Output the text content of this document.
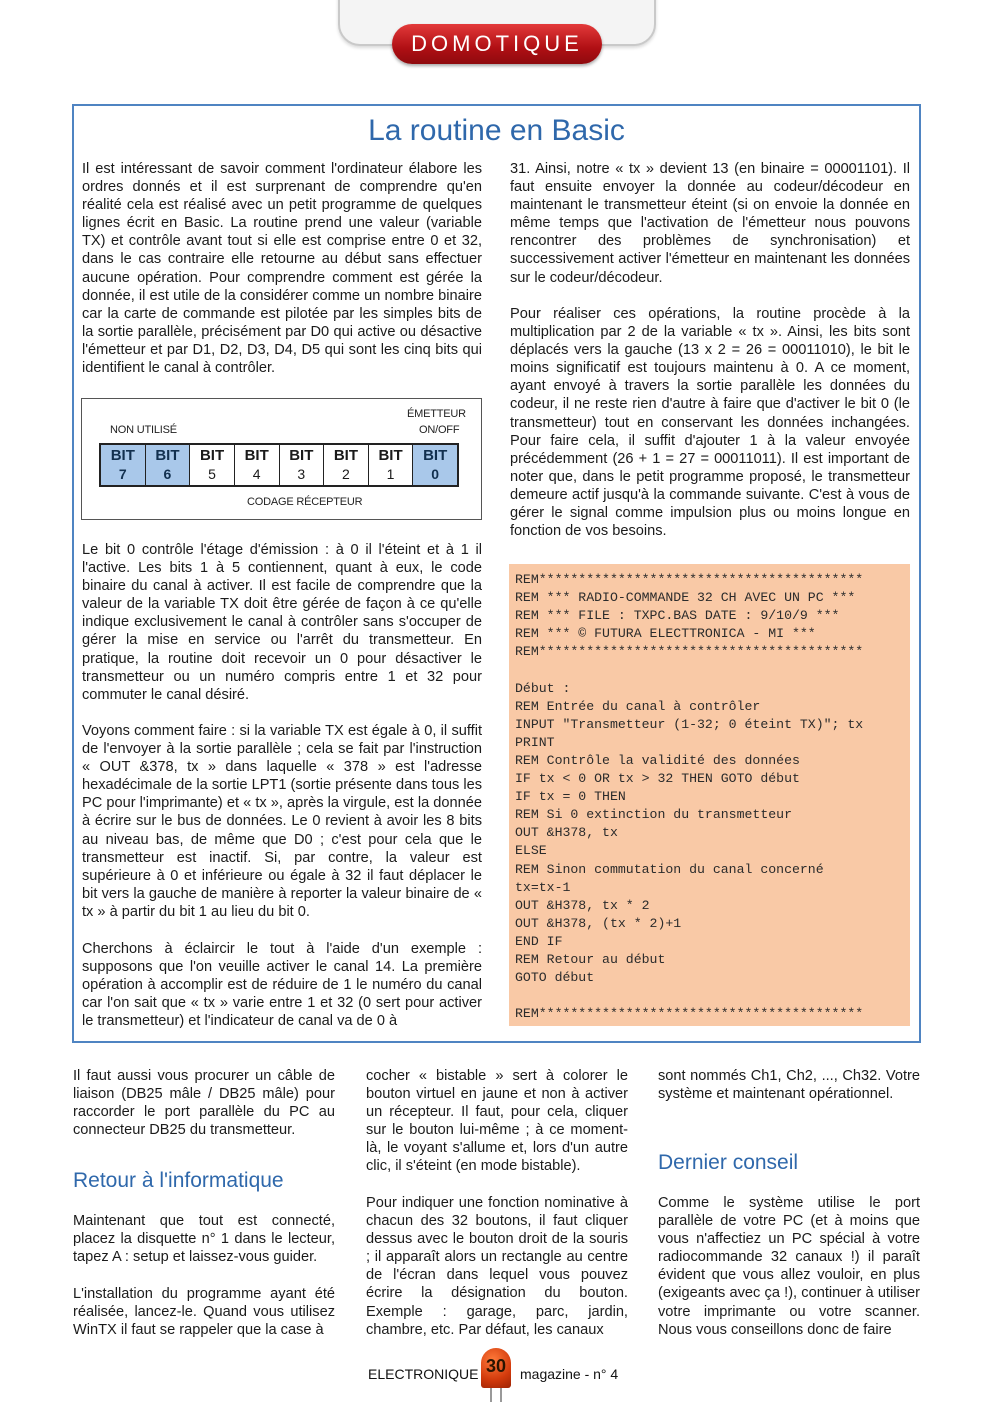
DOMOTIQUE
La routine en Basic
Il est intéressant de savoir comment l'ordinateur élabore les ordres donnés et il est surprenant de comprendre qu'en réalité cela est réalisé avec un petit programme de quelques lignes écrit en Basic. La routine prend une valeur (variable TX) et contrôle avant tout si elle est comprise entre 0 et 32, dans le cas contraire elle retourne au début sans effectuer aucune opération. Pour comprendre comment est gérée la donnée, il est utile de la considérer comme un nombre binaire car la carte de commande est pilotée par les simples bits de la sortie parallèle, précisément par D0 qui active ou désactive l'émetteur et par D1, D2, D3, D4, D5 qui sont les cinq bits qui identifient le canal à contrôler.
NON UTILISÉ
ÉMETTEUR
ON/OFF
BIT
7
BIT
6
BIT
5
BIT
4
BIT
3
BIT
2
BIT
1
BIT
0
CODAGE RÉCEPTEUR
Le bit 0 contrôle l'étage d'émission : à 0 il l'éteint et à 1 il l'active. Les bits 1 à 5 contiennent, quant à eux, le code binaire du canal à activer. Il est facile de comprendre que la valeur de la variable TX doit être gérée de façon à ce qu'elle indique exclusivement le canal à contrôler sans s'occuper de gérer la mise en service ou l'arrêt du transmetteur. En pratique, la routine doit recevoir un 0 pour désactiver le transmetteur ou un numéro compris entre 1 et 32 pour commuter le canal désiré.
Voyons comment faire : si la variable TX est égale à 0, il suffit de l'envoyer à la sortie parallèle ; cela se fait par l'instruction « OUT &378, tx » dans laquelle « 378 » est l'adresse hexadécimale de la sortie LPT1 (sortie présente dans tous les PC pour l'imprimante) et « tx », après la virgule, est la donnée à écrire sur le bus de données. Le 0 revient à avoir les 8 bits au niveau bas, de même que D0 ; c'est pour cela que le transmetteur est inactif. Si, par contre, la valeur est supérieure à 0 et inférieure ou égale à 32 il faut déplacer le bit vers la gauche de manière à reporter la valeur binaire de « tx » à partir du bit 1 au lieu du bit 0.
Cherchons à éclaircir le tout à l'aide d'un exemple : supposons que l'on veuille activer le canal 14. La première opération à accomplir est de réduire de 1 le numéro du canal car l'on sait que « tx » varie entre 1 et 32 (0 sert pour activer le transmetteur) et l'indicateur de canal va de 0 à
31. Ainsi, notre « tx » devient 13 (en binaire = 00001101). Il faut ensuite envoyer la donnée au codeur/décodeur en maintenant le transmetteur éteint (si on envoie la donnée en même temps que l'activation de l'émetteur nous pouvons rencontrer des problèmes de synchronisation) et successivement activer l'émetteur en maintenant les données sur le codeur/décodeur.
Pour réaliser ces opérations, la routine procède à la multiplication par 2 de la variable « tx ». Ainsi, les bits sont déplacés vers la gauche (13 x 2 = 26 = 00011010), le bit le moins significatif est toujours maintenu à 0. A ce moment, ayant envoyé à travers la sortie parallèle les données du codeur, il ne reste rien d'autre à faire que d'activer le bit 0 (le transmetteur) tout en conservant les données inchangées. Pour faire cela, il suffit d'ajouter 1 à la valeur envoyée précédemment (26 + 1 = 27 = 00011011). Il est important de noter que, dans le petit programme proposé, le transmetteur demeure actif jusqu'à la commande suivante. C'est à vous de gérer le signal comme impulsion plus ou moins longue en fonction de vos besoins.
REM*****************************************
REM *** RADIO-COMMANDE 32 CH AVEC UN PC ***
REM *** FILE : TXPC.BAS DATE : 9/10/9 ***
REM *** © FUTURA ELECTTRONICA - MI ***
REM*****************************************
Début :
REM Entrée du canal à contrôler
INPUT "Transmetteur (1-32; 0 éteint TX)"; tx
PRINT
REM Contrôle la validité des données
IF tx < 0 OR tx > 32 THEN GOTO début
IF tx = 0 THEN
REM Si 0 extinction du transmetteur
OUT &H378, tx
ELSE
REM Sinon commutation du canal concerné
tx=tx-1
OUT &H378, tx * 2
OUT &H378, (tx * 2)+1
END IF
REM Retour au début
GOTO début
REM*****************************************
Il faut aussi vous procurer un câble de liaison (DB25 mâle / DB25 mâle) pour raccorder le port parallèle du PC au connecteur DB25 du transmetteur.
Retour à l'informatique
Maintenant que tout est connecté, placez la disquette n° 1 dans le lecteur, tapez A : setup et laissez-vous guider.
L'installation du programme ayant été réalisée, lancez-le. Quand vous utilisez WinTX il faut se rappeler que la case à
cocher « bistable » sert à colorer le bouton virtuel en jaune et non à activer un récepteur. Il faut, pour cela, cliquer sur le bouton lui-même ; à ce moment-là, le voyant s'allume et, lors d'un autre clic, il s'éteint (en mode bistable).
Pour indiquer une fonction nominative à chacun des 32 boutons, il faut cliquer dessus avec le bouton droit de la souris ; il apparaît alors un rectangle au centre de l'écran dans lequel vous pouvez écrire la désignation du bouton. Exemple : garage, parc, jardin, chambre, etc. Par défaut, les canaux
sont nommés Ch1, Ch2, ..., Ch32. Votre système et maintenant opérationnel.
Dernier conseil
Comme le système utilise le port parallèle de votre PC (et à moins que vous n'affectiez un PC spécial à votre radiocommande 32 canaux !) il paraît évident que vous allez vouloir, en plus (exigeants avec ça !), continuer à utiliser votre imprimante ou votre scanner. Nous vous conseillons donc de faire
ELECTRONIQUE 30 magazine - n° 4
